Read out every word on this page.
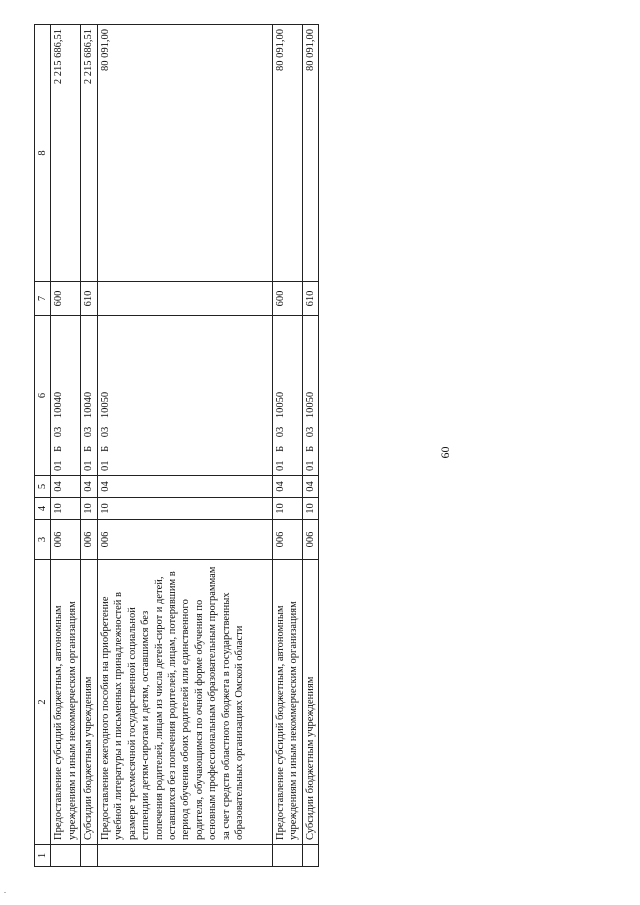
60
1	2	3	4	5	6	7	8
	Предоставление субсидий бюджетным, автономным учреждениям и иным некоммерческим организациям	006	10	04	01 Б 03 10040	600	2 215 686,51
	Субсидии бюджетным учреждениям	006	10	04	01 Б 03 10040	610	2 215 686,51
	Предоставление ежегодного пособия на приобретение учебной литературы и письменных принадлежностей в размере трехмесячной государственной социальной стипендии детям-сиротам и детям, оставшимся без попечения родителей, лицам из числа детей-сирот и детей, оставшихся без попечения родителей, лицам, потерявшим в период обучения обоих родителей или единственного родителя, обучающимся по очной форме обучения по основным профессиональным образовательным программам за счет средств областного бюджета в государственных образовательных организациях Омской области	006	10	04	01 Б 03 10050		80 091,00
	Предоставление субсидий бюджетным, автономным учреждениям и иным некоммерческим организациям	006	10	04	01 Б 03 10050	600	80 091,00
	Субсидии бюджетным учреждениям	006	10	04	01 Б 03 10050	610	80 091,00
.
